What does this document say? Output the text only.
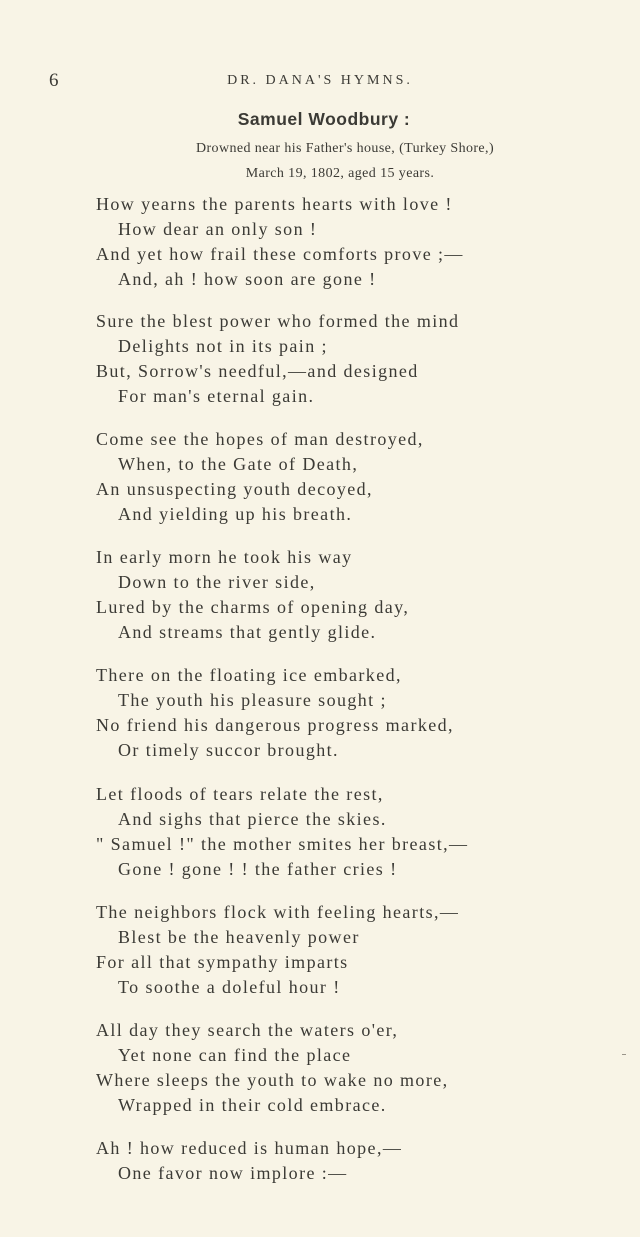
6	DR. DANA'S HYMNS.
Samuel Woodbury :
Drowned near his Father's house, (Turkey Shore,)
March 19, 1802, aged 15 years.
How yearns the parents hearts with love !
How dear an only son !
And yet how frail these comforts prove ;—
And, ah ! how soon are gone !
Sure the blest power who formed the mind
Delights not in its pain ;
But, Sorrow's needful,—and designed
For man's eternal gain.
Come see the hopes of man destroyed,
When, to the Gate of Death,
An unsuspecting youth decoyed,
And yielding up his breath.
In early morn he took his way
Down to the river side,
Lured by the charms of opening day,
And streams that gently glide.
There on the floating ice embarked,
The youth his pleasure sought ;
No friend his dangerous progress marked,
Or timely succor brought.
Let floods of tears relate the rest,
And sighs that pierce the skies.
" Samuel !" the mother smites her breast,—
Gone ! gone ! ! the father cries !
The neighbors flock with feeling hearts,—
Blest be the heavenly power
For all that sympathy imparts
To soothe a doleful hour !
All day they search the waters o'er,
Yet none can find the place
Where sleeps the youth to wake no more,
Wrapped in their cold embrace.
Ah ! how reduced is human hope,—
One favor now implore :—
